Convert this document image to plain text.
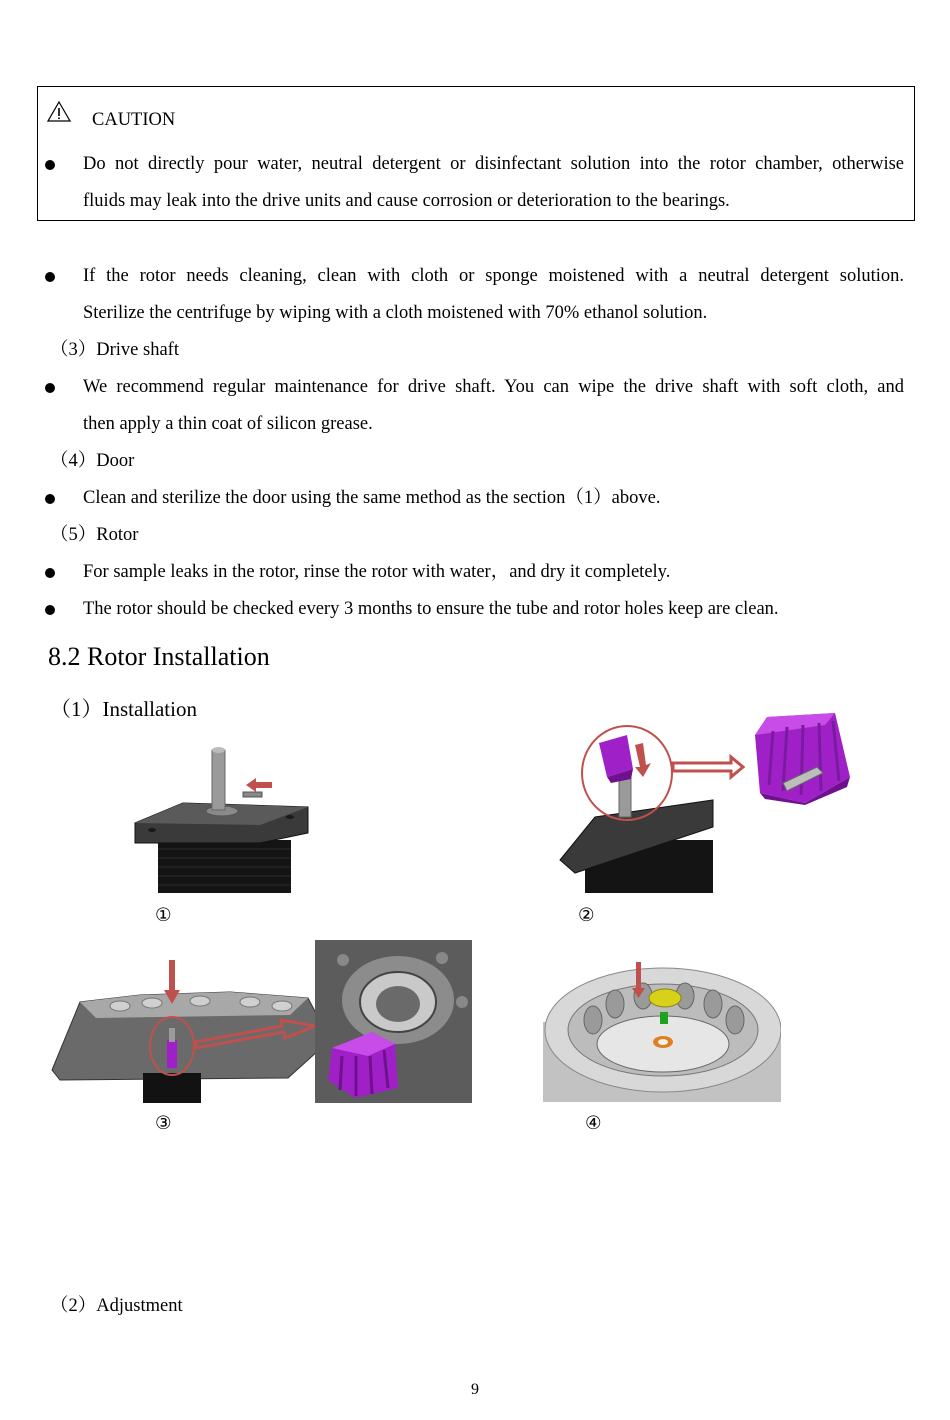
CAUTION
Do not directly pour water, neutral detergent or disinfectant solution into the rotor chamber, otherwise
fluids may leak into the drive units and cause corrosion or deterioration to the bearings.
If the rotor needs cleaning, clean with cloth or sponge moistened with a neutral detergent solution.
Sterilize the centrifuge by wiping with a cloth moistened with 70% ethanol solution.
（3）Drive shaft
We recommend regular maintenance for drive shaft. You can wipe the drive shaft with soft cloth, and
then apply a thin coat of silicon grease.
（4）Door
Clean and sterilize the door using the same method as the section（1）above.
（5）Rotor
For sample leaks in the rotor, rinse the rotor with water，and dry it completely.
The rotor should be checked every 3 months to ensure the tube and rotor holes keep are clean.
8.2 Rotor Installation
（1）Installation
①	②
③	④
（2）Adjustment
9
